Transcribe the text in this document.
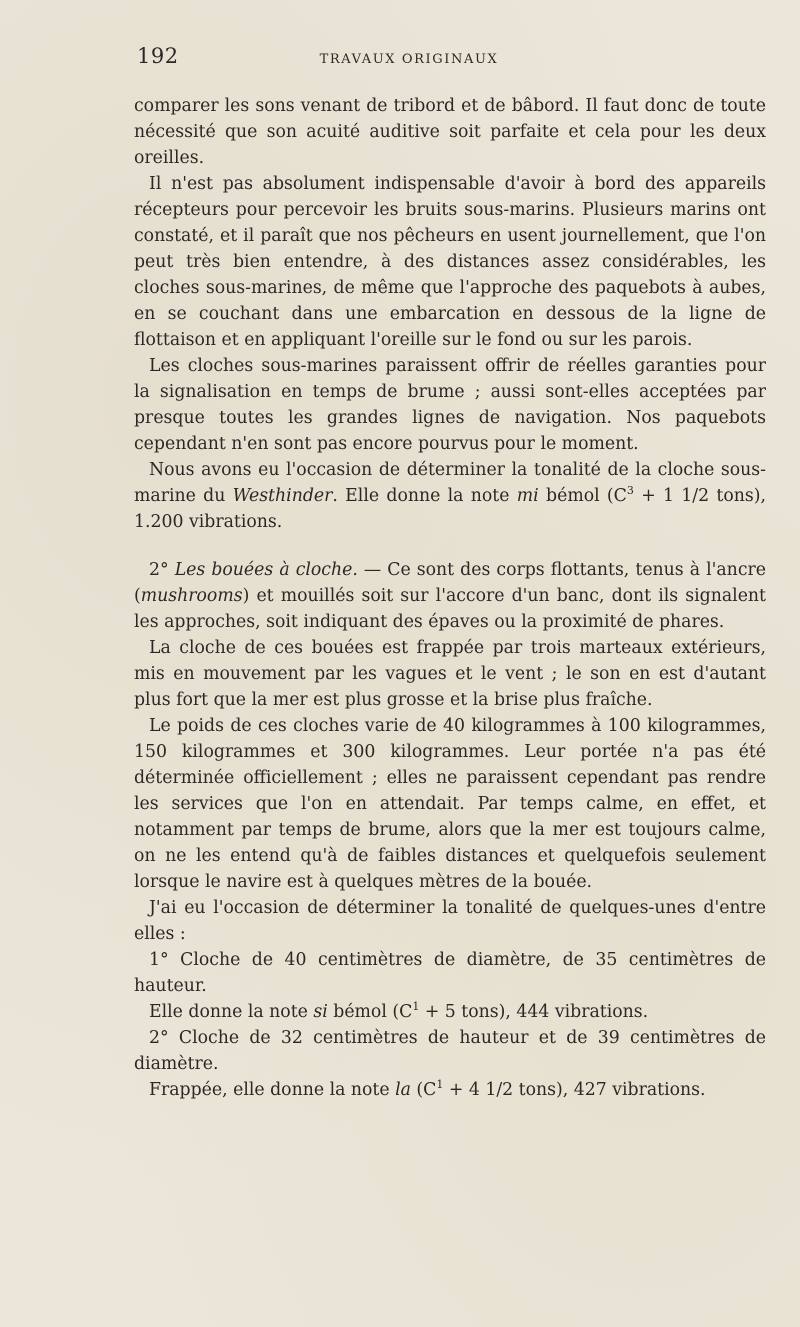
192	TRAVAUX ORIGINAUX

comparer les sons venant de tribord et de bâbord. Il faut donc de toute nécessité que son acuité auditive soit parfaite et cela pour les deux oreilles.

Il n'est pas absolument indispensable d'avoir à bord des appareils récepteurs pour percevoir les bruits sous-marins. Plusieurs marins ont constaté, et il paraît que nos pêcheurs en usent journellement, que l'on peut très bien entendre, à des distances assez considérables, les cloches sous-marines, de même que l'approche des paquebots à aubes, en se couchant dans une embarcation en dessous de la ligne de flottaison et en appliquant l'oreille sur le fond ou sur les parois.

Les cloches sous-marines paraissent offrir de réelles garanties pour la signalisation en temps de brume ; aussi sont-elles acceptées par presque toutes les grandes lignes de navigation. Nos paquebots cependant n'en sont pas encore pourvus pour le moment.

Nous avons eu l'occasion de déterminer la tonalité de la cloche sous-marine du Westhinder. Elle donne la note mi bémol ($C^3 + 1$ 1/2 tons), 1.200 vibrations.

2° Les bouées à cloche. — Ce sont des corps flottants, tenus à l'ancre (mushrooms) et mouillés soit sur l'accore d'un banc, dont ils signalent les approches, soit indiquant des épaves ou la proximité de phares.

La cloche de ces bouées est frappée par trois marteaux extérieurs, mis en mouvement par les vagues et le vent ; le son en est d'autant plus fort que la mer est plus grosse et la brise plus fraîche.

Le poids de ces cloches varie de 40 kilogrammes à 100 kilogrammes, 150 kilogrammes et 300 kilogrammes. Leur portée n'a pas été déterminée officiellement ; elles ne paraissent cependant pas rendre les services que l'on en attendait. Par temps calme, en effet, et notamment par temps de brume, alors que la mer est toujours calme, on ne les entend qu'à de faibles distances et quelquefois seulement lorsque le navire est à quelques mètres de la bouée.

J'ai eu l'occasion de déterminer la tonalité de quelques-unes d'entre elles :

1° Cloche de 40 centimètres de diamètre, de 35 centimètres de hauteur.

Elle donne la note si bémol ($C^1 + 5$ tons), 444 vibrations.

2° Cloche de 32 centimètres de hauteur et de 39 centimètres de diamètre.

Frappée, elle donne la note la ($C^1 + 4$ 1/2 tons), 427 vibrations.
